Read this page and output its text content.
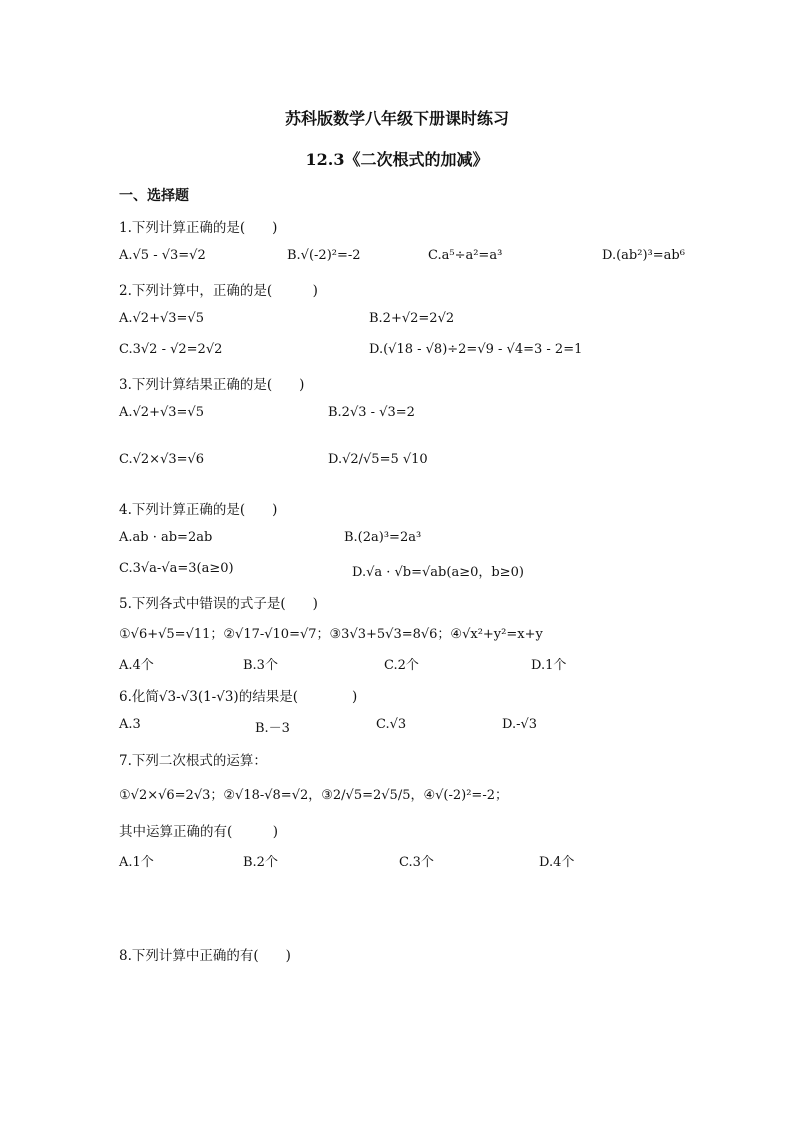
苏科版数学八年级下册课时练习
12.3《二次根式的加减》
一、选择题
1.下列计算正确的是(　　)
A.√5 - √3=√2	B.√(-2)²=-2	C.a⁵÷a²=a³	D.(ab²)³=ab⁶
2.下列计算中，正确的是(　　　)
A.√2+√3=√5	B.2+√2=2√2
C.3√2 - √2=2√2	D.(√18 - √8)÷2=√9 - √4=3 - 2=1
3.下列计算结果正确的是(　　)
A.√2+√3=√5	B.2√3 - √3=2
C.√2×√3=√6	D.√2/√5=5 √10
4.下列计算正确的是(　　)
A.ab · ab=2ab	B.(2a)³=2a³
C.3√a-√a=3(a≥0)	D.√a · √b=√ab(a≥0，b≥0)
5.下列各式中错误的式子是(　　)
①√6+√5=√11；②√17-√10=√7；③3√3+5√3=8√6；④√x²+y²=x+y
A.4个	B.3个	C.2个	D.1个
6.化简√3-√3(1-√3)的结果是(　　　　)
A.3	B.－3	C.√3	D.-√3
7.下列二次根式的运算：
①√2×√6=2√3；②√18-√8=√2，③2/√5=2√5/5，④√(-2)²=-2；
其中运算正确的有(　　　)
A.1个	B.2个	C.3个	D.4个
8.下列计算中正确的有(　　)
